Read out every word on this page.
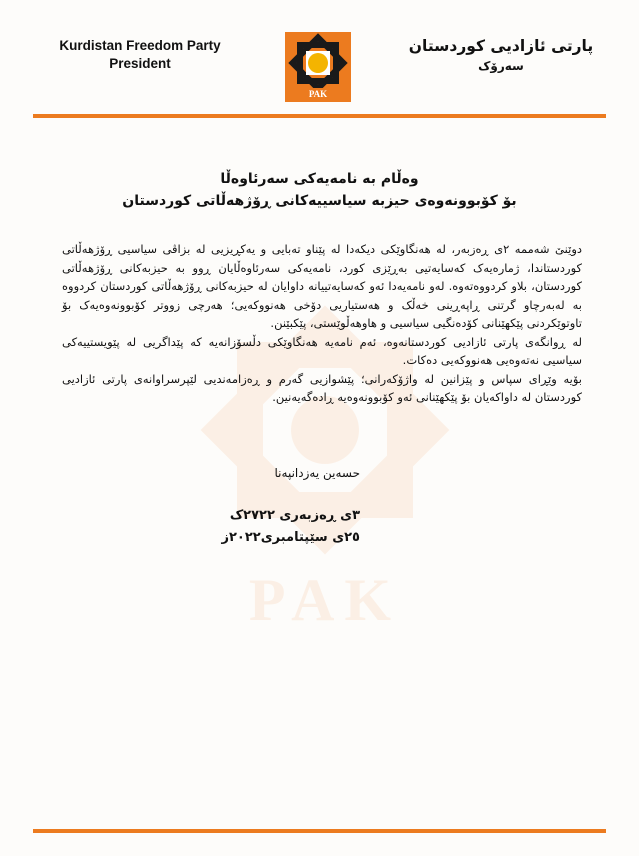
Kurdistan Freedom Party
President
PAK
پارتی ئازادیی کوردستان
سەرۆک
PAK
وەڵام بە نامەیەکی سەرئاوەڵا
بۆ کۆبوونەوەی حیزبە سیاسییەکانی ڕۆژهەڵاتی کوردستان

دوێنێ شەممە ٢ی ڕەزبەر، لە هەنگاوێکی دیکەدا لە پێناو تەبایی و یەکڕیزیی لە بزاڤی سیاسیی ڕۆژهەڵاتی کوردستاندا، ژمارەیەک کەسایەتیی بەڕێزی کورد، نامەیەکی سەرئاوەڵایان ڕوو بە حیزبەکانی ڕۆژهەڵاتی کوردستان، بلاو کردووەتەوە. لەو نامەیەدا ئەو کەسایەتییانە داوایان لە حیزبەکانی ڕۆژهەڵاتی کوردستان کردووە بە لەبەرچاو گرتنی ڕاپەڕینی خەڵک و هەستیاریی دۆخی هەنووکەیی؛ هەرچی زووتر کۆبوونەوەیەک بۆ تاوتوێکردنی پێکهێنانی کۆدەنگیی سیاسیی و هاوهەڵوێستی، پێکبێنن.

لە ڕوانگەی پارتی ئازادیی کوردستانەوە، ئەم نامەیە هەنگاوێکی دڵسۆزانەیە کە پێداگریی لە پێویستییەکی سیاسیی نەتەوەیی هەنووکەیی دەکات.

بۆیە وێڕای سپاس و پێزانین لە واژۆکەرانی؛ پێشوازیی گەرم و ڕەزامەندیی لێپرسراوانەی پارتی ئازادیی کوردستان لە داواکەیان بۆ پێکهێنانی ئەو کۆبوونەوەیە ڕادەگەیەنین.

حسەین یەزدانپەنا
٣ی ڕەزبەری ٢٧٢٢ک
٢٥ی سێپتامبری٢٠٢٢ز
